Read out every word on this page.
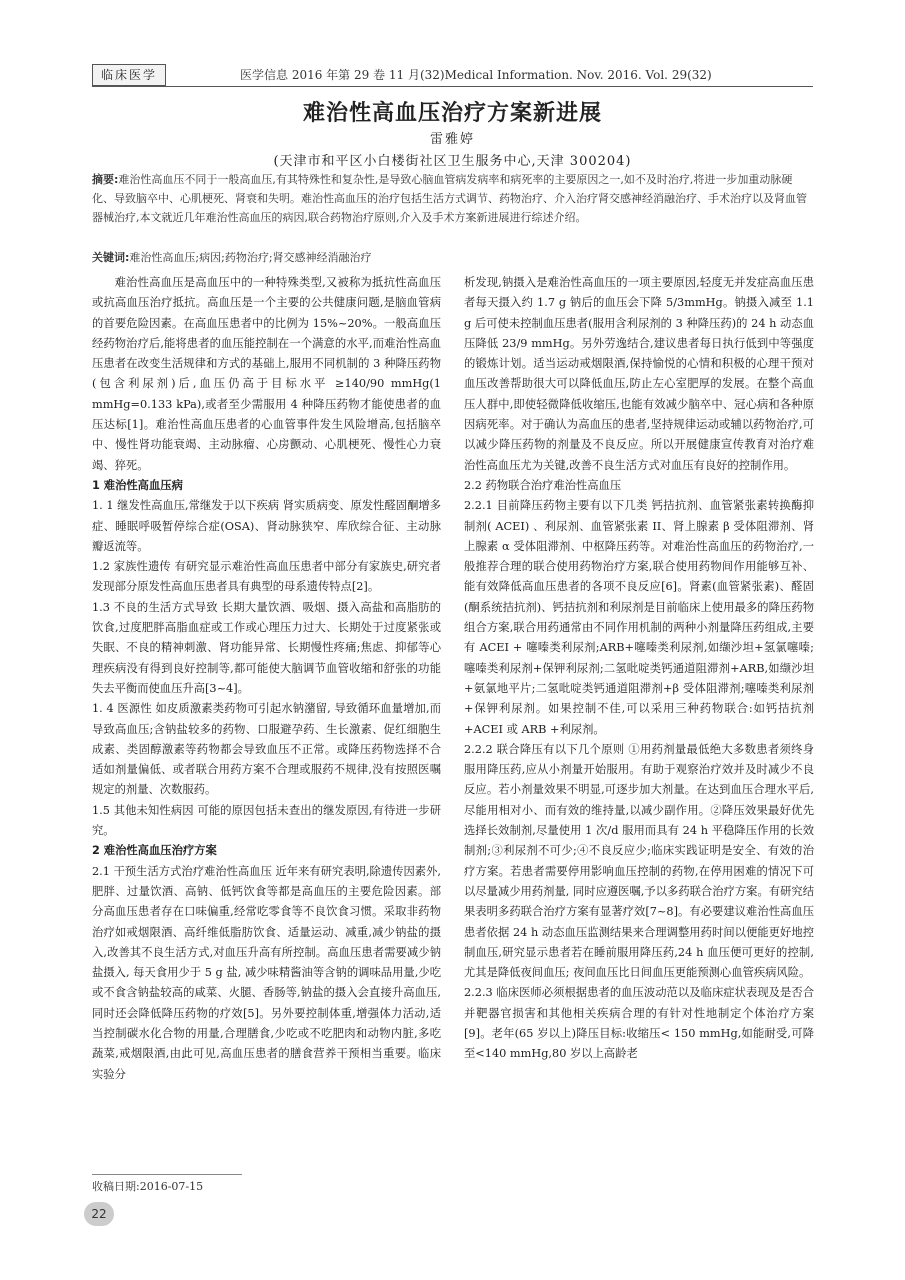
临床医学	医学信息 2016 年第 29 卷 11 月(32)Medical Information. Nov. 2016. Vol. 29(32)
难治性高血压治疗方案新进展
雷雅婷
(天津市和平区小白楼街社区卫生服务中心,天津 300204)
摘要:难治性高血压不同于一般高血压,有其特殊性和复杂性,是导致心脑血管病发病率和病死率的主要原因之一,如不及时治疗,将进一步加重动脉硬化、导致脑卒中、心肌梗死、肾衰和失明。难治性高血压的治疗包括生活方式调节、药物治疗、介入治疗肾交感神经消融治疗、手术治疗以及肾血管 器械治疗,本文就近几年难治性高血压的病因,联合药物治疗原则,介入及手术方案新进展进行综述介绍。
关键词:难治性高血压;病因;药物治疗;肾交感神经消融治疗

难治性高血压是高血压中的一种特殊类型,又被称为抵抗性高血压或抗高血压治疗抵抗。高血压是一个主要的公共健康问题,是脑血管病的首要危险因素。在高血压患者中的比例为 15%~20%。一般高血压经药物治疗后,能将患者的血压能控制在一个满意的水平,而难治性高血压患者在改变生活规律和方式的基础上,服用不同机制的 3 种降压药物(包含利尿剂)后,血压仍高于目标水平 ≥140/90 mmHg(1 mmHg=0.133 kPa),或者至少需服用 4 种降压药物才能使患者的血压达标[1]。难治性高血压患者的心血管事件发生风险增高,包括脑卒中、慢性肾功能衰竭、主动脉瘤、心房颤动、心肌梗死、慢性心力衰竭、猝死。

1 难治性高血压病

1. 1 继发性高血压,常继发于以下疾病 肾实质病变、原发性醛固酮增多症、睡眠呼吸暂停综合症(OSA)、肾动脉狭窄、库欣综合征、主动脉瓣返流等。

1.2 家族性遗传 有研究显示难治性高血压患者中部分有家族史,研究者发现部分原发性高血压患者具有典型的母系遗传特点[2]。

1.3 不良的生活方式导致 长期大量饮酒、吸烟、摄入高盐和高脂肪的饮食,过度肥胖高脂血症或工作或心理压力过大、长期处于过度紧张或失眠、不良的精神刺激、肾功能异常、长期慢性疼痛;焦虑、抑郁等心理疾病没有得到良好控制等,都可能使大脑调节血管收缩和舒张的功能失去平衡而使血压升高[3~4]。

1. 4 医源性 如皮质激素类药物可引起水钠潴留, 导致循环血量增加,而导致高血压;含钠盐较多的药物、口服避孕药、生长激素、促红细胞生成素、类固醇激素等药物都会导致血压不正常。或降压药物选择不合适如剂量偏低、或者联合用药方案不合理或服药不规律,没有按照医嘱规定的剂量、次数服药。

1.5 其他未知性病因 可能的原因包括未查出的继发原因,有待进一步研究。

2 难治性高血压治疗方案

2.1 干预生活方式治疗难治性高血压 近年来有研究表明,除遗传因素外,肥胖、过量饮酒、高钠、低钙饮食等都是高血压的主要危险因素。部分高血压患者存在口味偏重,经常吃零食等不良饮食习惯。采取非药物治疗如戒烟限酒、高纤维低脂肪饮食、适量运动、减重,减少钠盐的摄入,改善其不良生活方式,对血压升高有所控制。高血压患者需要减少钠盐摄入, 每天食用少于 5 g 盐, 减少味精酱油等含钠的调味品用量,少吃或不食含钠盐较高的咸菜、火腿、香肠等,钠盐的摄入会直接升高血压,同时还会降低降压药物的疗效[5]。另外要控制体重,增强体力活动,适当控制碳水化合物的用量,合理膳食,少吃或不吃肥肉和动物内脏,多吃蔬菜,戒烟限酒,由此可见,高血压患者的膳食营养干预相当重要。临床实验分

析发现,钠摄入是难治性高血压的一项主要原因,轻度无并发症高血压患者每天摄入约 1.7 g 钠后的血压会下降 5/3mmHg。钠摄入减至 1.1 g 后可使未控制血压患者(服用含利尿剂的 3 种降压药)的 24 h 动态血压降低 23/9 mmHg。另外劳逸结合,建议患者每日执行低到中等强度的锻炼计划。适当运动戒烟限酒,保持愉悦的心情和积极的心理干预对血压改善帮助很大可以降低血压,防止左心室肥厚的发展。在整个高血压人群中,即使轻微降低收缩压,也能有效减少脑卒中、冠心病和各种原因病死率。对于确认为高血压的患者,坚持规律运动或辅以药物治疗,可以减少降压药物的剂量及不良反应。所以开展健康宣传教育对治疗难治性高血压尤为关键,改善不良生活方式对血压有良好的控制作用。

2.2 药物联合治疗难治性高血压

2.2.1 目前降压药物主要有以下几类 钙拮抗剂、血管紧张素转换酶抑制剂( ACEI) 、利尿剂、血管紧张素 II、肾上腺素 β 受体阻滞剂、肾上腺素 α 受体阻滞剂、中枢降压药等。对难治性高血压的药物治疗,一般推荐合理的联合使用药物治疗方案,联合使用药物间作用能够互补、能有效降低高血压患者的各项不良反应[6]。肾素(血管紧张素)、醛固(酮系统拮抗剂)、钙拮抗剂和利尿剂是目前临床上使用最多的降压药物组合方案,联合用药通常由不同作用机制的两种小剂量降压药组成,主要有 ACEI + 噻嗪类利尿剂;ARB+噻嗪类利尿剂,如缬沙坦+氢氯噻嗪;噻嗪类利尿剂+保钾利尿剂;二氢吡啶类钙通道阻滞剂+ARB,如缬沙坦+氨氯地平片;二氢吡啶类钙通道阻滞剂+β 受体阻滞剂;噻嗪类利尿剂+保钾利尿剂。如果控制不佳,可以采用三种药物联合:如钙拮抗剂+ACEI 或 ARB +利尿剂。

2.2.2 联合降压有以下几个原则 ①用药剂量最低绝大多数患者须终身服用降压药,应从小剂量开始服用。有助于观察治疗效并及时减少不良反应。若小剂量效果不明显,可逐步加大剂量。在达到血压合理水平后,尽能用相对小、而有效的维持量,以减少副作用。②降压效果最好优先选择长效制剂,尽量使用 1 次/d 服用而具有 24 h 平稳降压作用的长效制剂;③利尿剂不可少;④不良反应少;临床实践证明是安全、有效的治疗方案。若患者需要停用影响血压控制的药物,在停用困难的情况下可以尽量减少用药剂量, 同时应遵医嘱,予以多药联合治疗方案。有研究结果表明多药联合治疗方案有显著疗效[7~8]。有必要建议难治性高血压患者依据 24 h 动态血压监测结果来合理调整用药时间以便能更好地控制血压,研究显示患者若在睡前服用降压药,24 h 血压便可更好的控制, 尤其是降低夜间血压; 夜间血压比日间血压更能预测心血管疾病风险。

2.2.3 临床医师必须根据患者的血压波动范以及临床症状表现及是否合并靶器官损害和其他相关疾病合理的有针对性地制定个体治疗方案[9]。老年(65 岁以上)降压目标:收缩压< 150 mmHg,如能耐受,可降至<140 mmHg,80 岁以上高龄老

收稿日期:2016-07-15
22
